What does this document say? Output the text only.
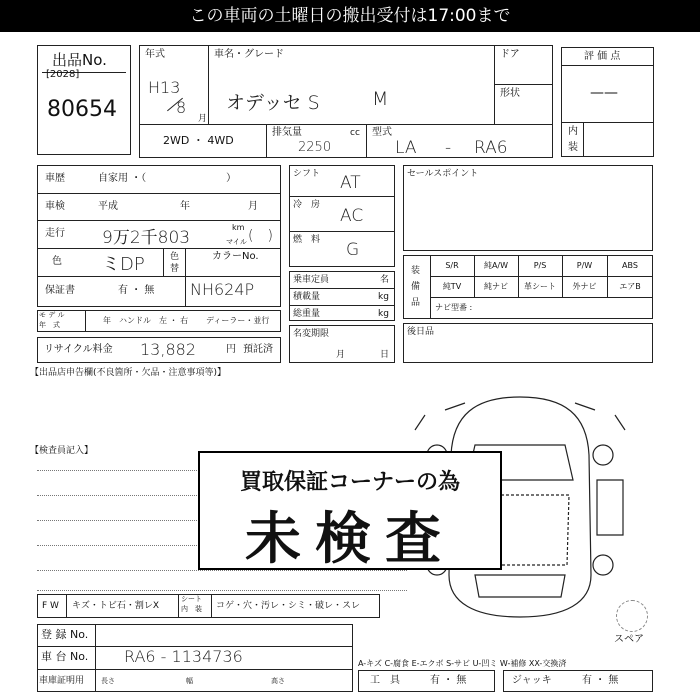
この車両の土曜日の搬出受付は17:00まで
出品No.
[2028]
80654
年式
H13
8
月
車名・グレード
オデッセ S	M
ドア
形状
2WD ・ 4WD
排気量	cc
2250
型式
LA - RA6
評 価 点
——
内
装
車歴	自家用 ・（　　　　　　　　）
車検	平成	年	月
走行 9万2千803
km
マイル (　)
色 ミDP	色
替
カラーNo.
NH624P
保証書	有 ・ 無
モ デ ル
年　式	年 ハンドル　左 ・ 右 ディーラー・並行
リサイクル料金 13,882	円 預託済
シフト AT
冷　房
AC
燃　料 G
乗車定員	名
積載量	kg
総重量	kg
名変期限
月	日
セールスポイント
装
備
品
S/R	純A/W	P/S	P/W	ABS
純TV	純ナビ	革シート	外ナビ	エアB
ナビ型番 :
後日品
【出品店申告欄(不良箇所・欠品・注意事項等)】
【検査員記入】
買取保証コーナーの為
未検査
スペア
F W キズ・トビ石・割レX
シート
内　装 コゲ・穴・汚レ・シミ・破レ・スレ
登 録 No.
車 台 No. RA6 - 1134736
車庫証明用 長さ	幅	高さ
A-キズ C-腐食 E-エクボ S-サビ U-凹ミ W-補修 XX-交換済
工　具	有 ・ 無	ジャッキ	有 ・ 無
